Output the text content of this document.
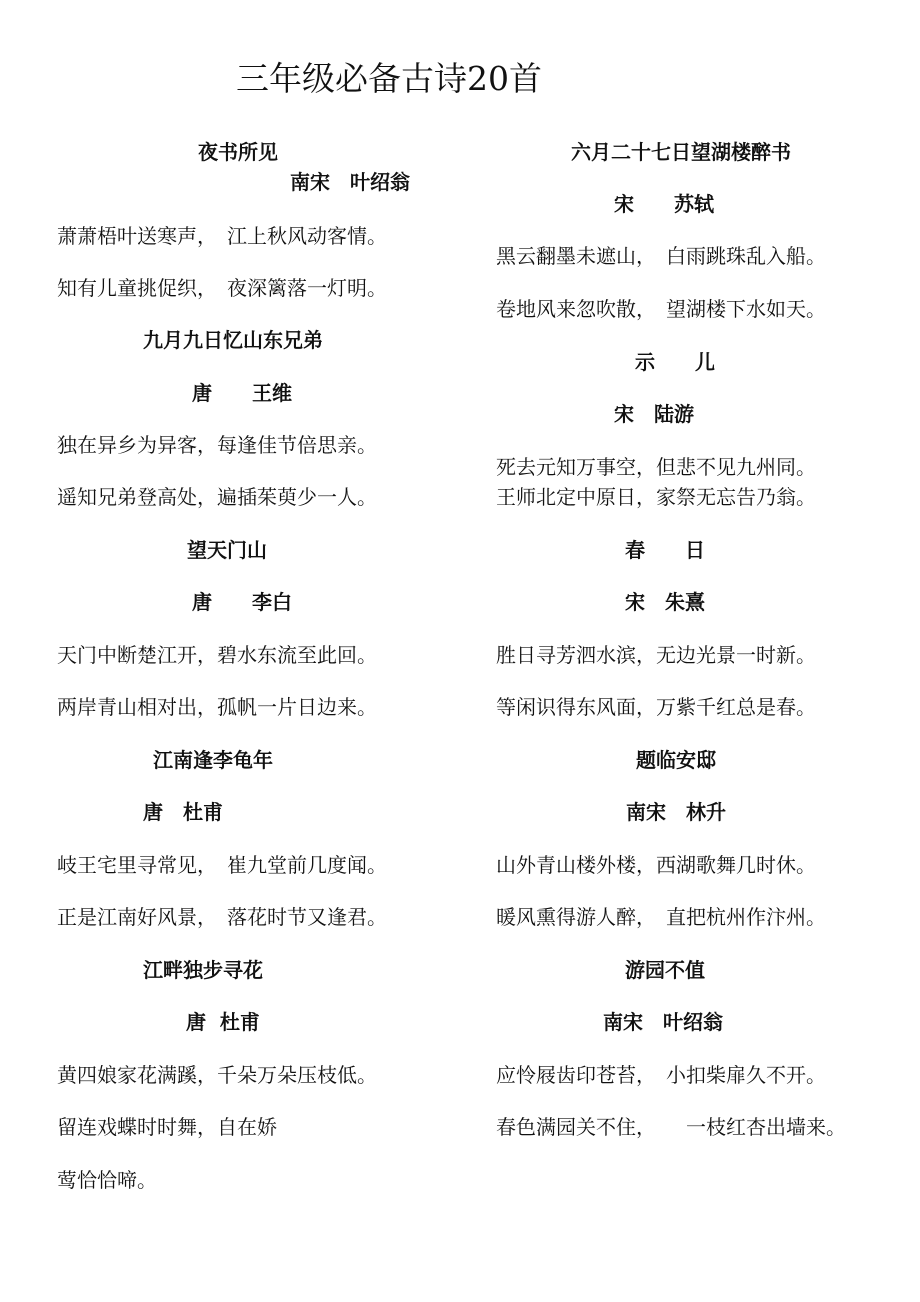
三年级必备古诗20首
夜书所见
南宋　叶绍翁
萧萧梧叶送寒声，　江上秋风动客情。
知有儿童挑促织，　夜深篱落一灯明。
九月九日忆山东兄弟
唐　　王维
独在异乡为异客，每逢佳节倍思亲。
遥知兄弟登高处，遍插茱萸少一人。
望天门山
唐　　李白
天门中断楚江开，碧水东流至此回。
两岸青山相对出，孤帆一片日边来。
江南逢李龟年
唐　杜甫
岐王宅里寻常见，　崔九堂前几度闻。
正是江南好风景，　落花时节又逢君。
江畔独步寻花
唐  杜甫
黄四娘家花满蹊，千朵万朵压枝低。
留连戏蝶时时舞，自在娇
莺恰恰啼。
六月二十七日望湖楼醉书
宋　　苏轼
黑云翻墨未遮山，　白雨跳珠乱入船。
卷地风来忽吹散，　望湖楼下水如天。
示　　儿
宋　陆游
死去元知万事空，但悲不见九州同。
王师北定中原日，家祭无忘告乃翁。
春　　日
宋　朱熹
胜日寻芳泗水滨，无边光景一时新。
等闲识得东风面，万紫千红总是春。
题临安邸
南宋　林升
山外青山楼外楼，西湖歌舞几时休。
暖风熏得游人醉，　直把杭州作汴州。
游园不值
南宋　叶绍翁
应怜屐齿印苍苔，　小扣柴扉久不开。
春色满园关不住，　　一枝红杏出墙来。
